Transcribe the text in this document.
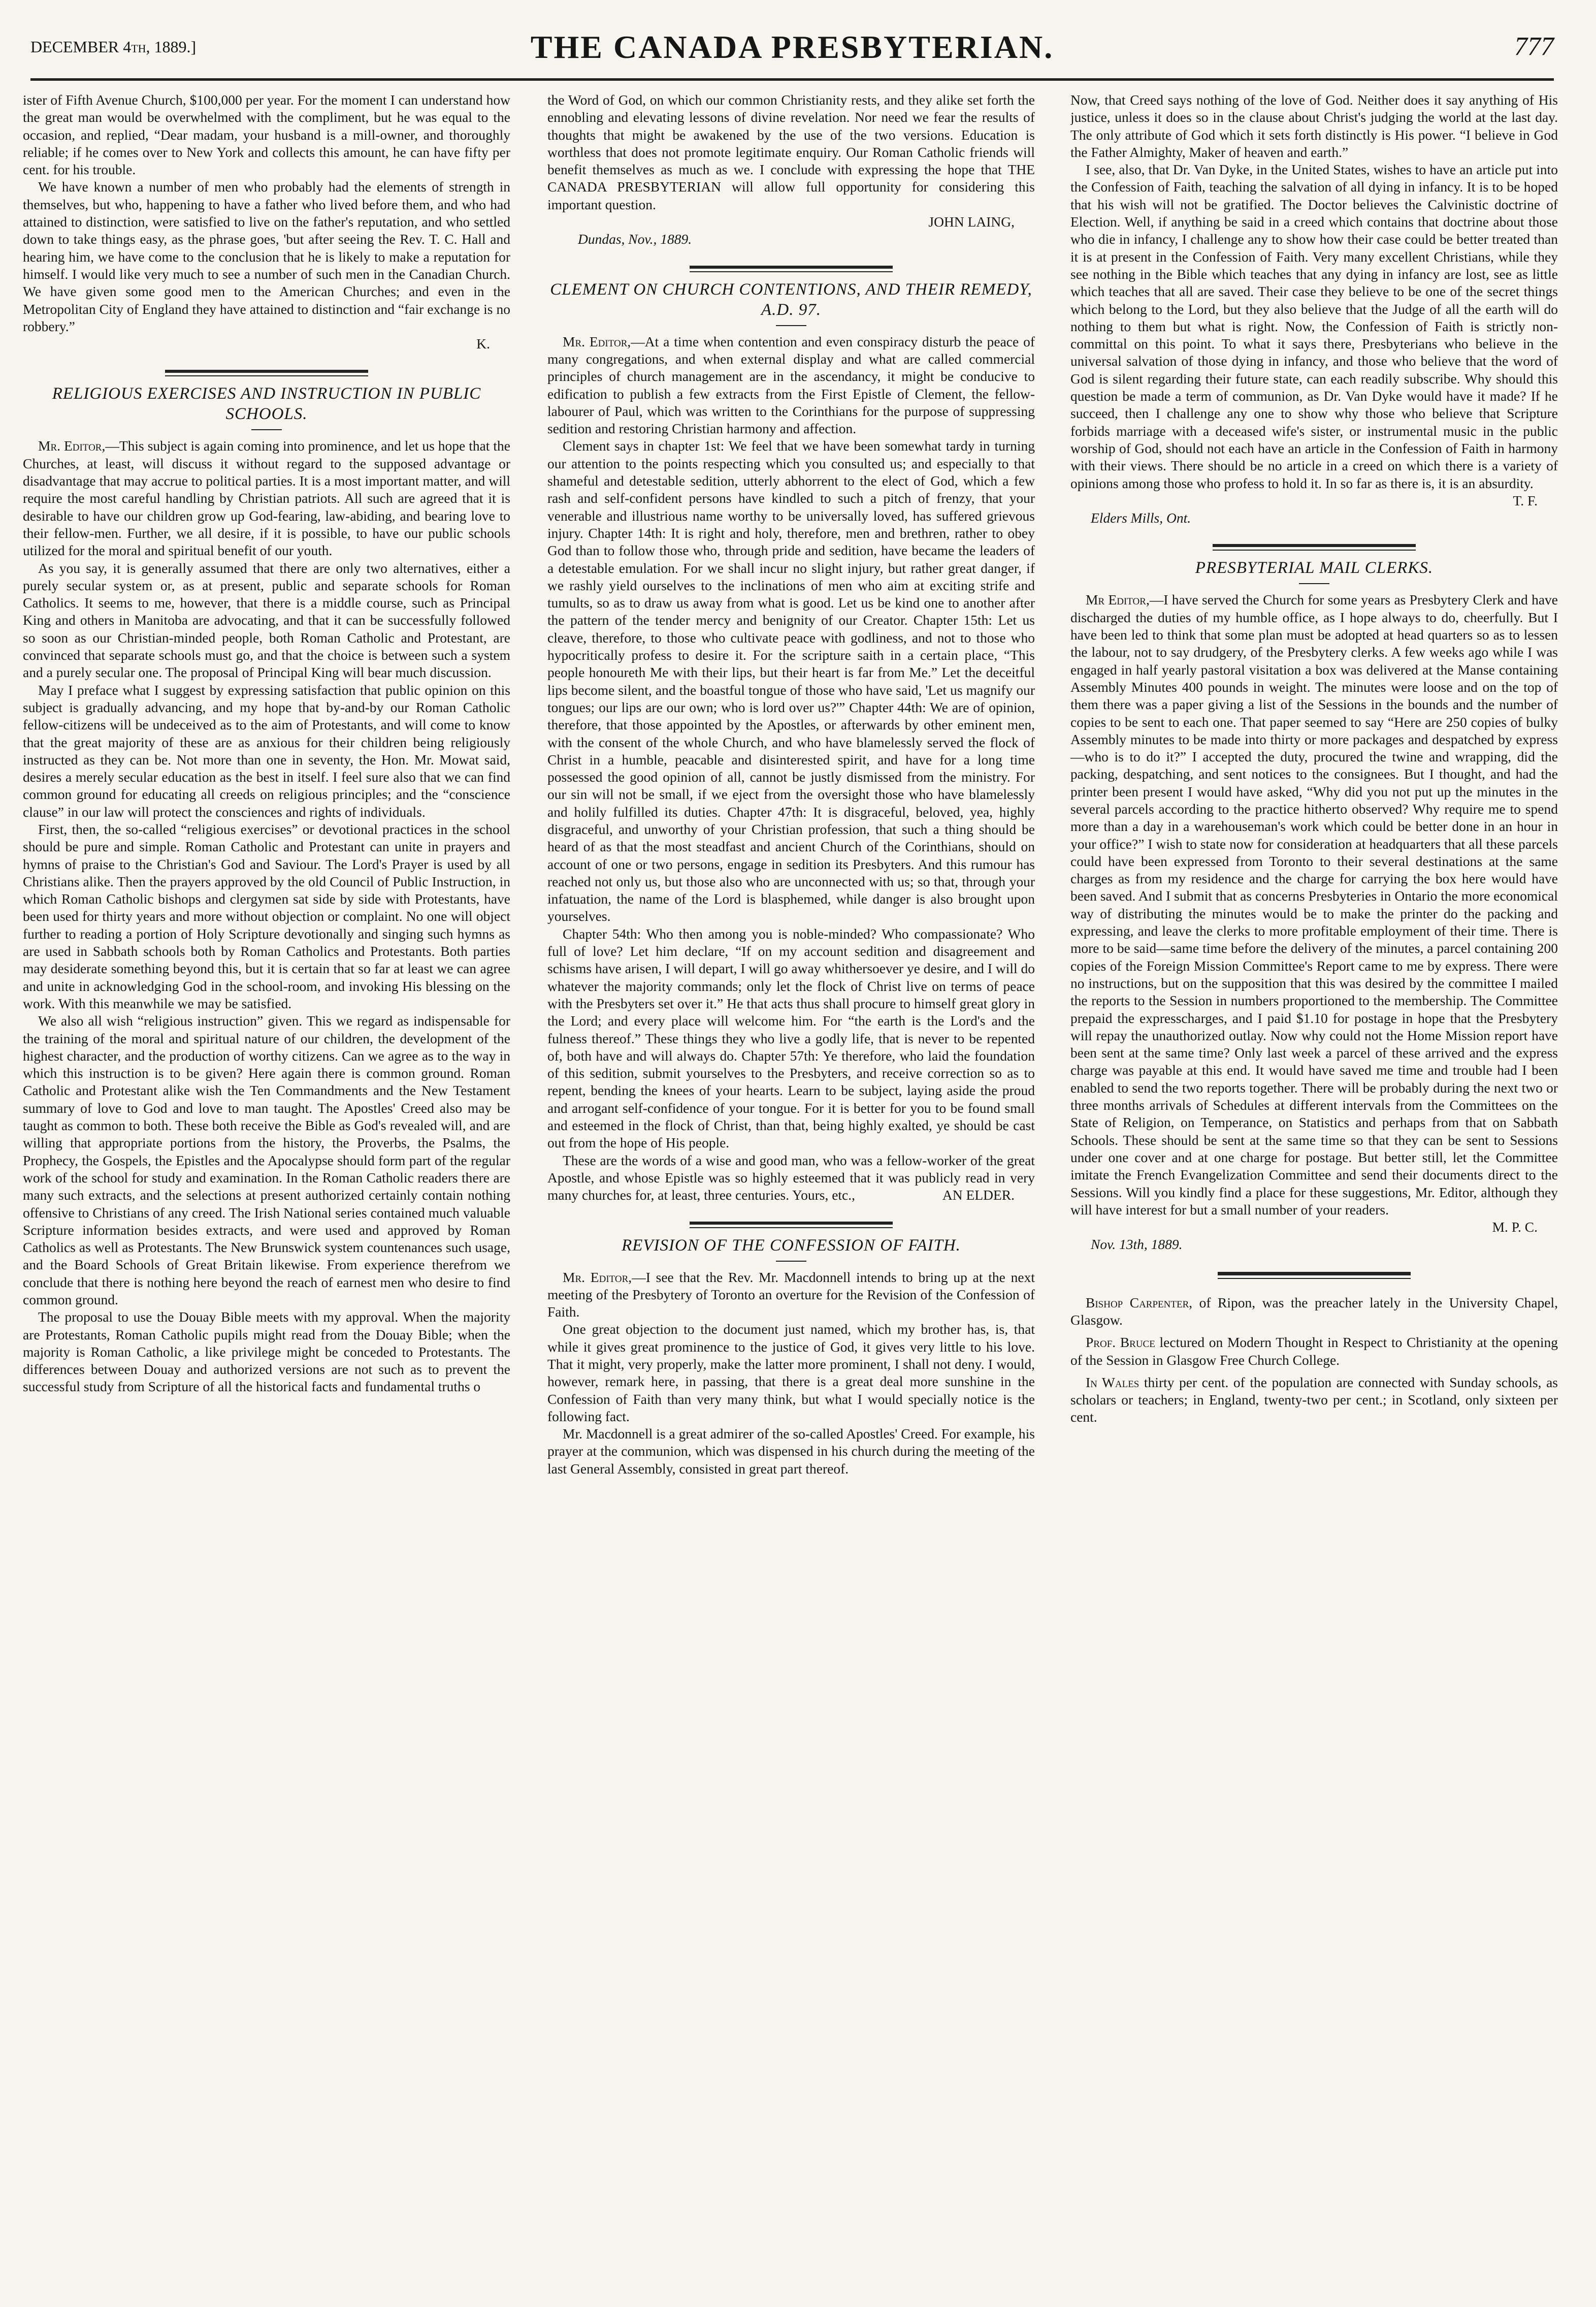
DECEMBER 4th, 1889.]	THE CANADA PRESBYTERIAN.	777

ister of Fifth Avenue Church, $100,000 per year. For the moment I can understand how the great man would be overwhelmed with the compliment, but he was equal to the occasion, and replied, “Dear madam, your husband is a mill-owner, and thoroughly reliable; if he comes over to New York and collects this amount, he can have fifty per cent. for his trouble.

We have known a number of men who probably had the elements of strength in themselves, but who, happening to have a father who lived before them, and who had attained to distinction, were satisfied to live on the father's reputation, and who settled down to take things easy, as the phrase goes, 'but after seeing the Rev. T. C. Hall and hearing him, we have come to the conclusion that he is likely to make a reputation for himself. I would like very much to see a number of such men in the Canadian Church. We have given some good men to the American Churches; and even in the Metropolitan City of England they have attained to distinction and “fair exchange is no robbery.”

K.
RELIGIOUS EXERCISES AND INSTRUCTION IN PUBLIC SCHOOLS.

Mr. Editor,—This subject is again coming into prominence, and let us hope that the Churches, at least, will discuss it without regard to the supposed advantage or disadvantage that may accrue to political parties. It is a most important matter, and will require the most careful handling by Christian patriots. All such are agreed that it is desirable to have our children grow up God-fearing, law-abiding, and bearing love to their fellow-men. Further, we all desire, if it is possible, to have our public schools utilized for the moral and spiritual benefit of our youth.

As you say, it is generally assumed that there are only two alternatives, either a purely secular system or, as at present, public and separate schools for Roman Catholics. It seems to me, however, that there is a middle course, such as Principal King and others in Manitoba are advocating, and that it can be successfully followed so soon as our Christian-minded people, both Roman Catholic and Protestant, are convinced that separate schools must go, and that the choice is between such a system and a purely secular one. The proposal of Principal King will bear much discussion.

May I preface what I suggest by expressing satisfaction that public opinion on this subject is gradually advancing, and my hope that by-and-by our Roman Catholic fellow-citizens will be undeceived as to the aim of Protestants, and will come to know that the great majority of these are as anxious for their children being religiously instructed as they can be. Not more than one in seventy, the Hon. Mr. Mowat said, desires a merely secular education as the best in itself. I feel sure also that we can find common ground for educating all creeds on religious principles; and the “conscience clause” in our law will protect the consciences and rights of individuals.

First, then, the so-called “religious exercises” or devotional practices in the school should be pure and simple. Roman Catholic and Protestant can unite in prayers and hymns of praise to the Christian's God and Saviour. The Lord's Prayer is used by all Christians alike. Then the prayers approved by the old Council of Public Instruction, in which Roman Catholic bishops and clergymen sat side by side with Protestants, have been used for thirty years and more without objection or complaint. No one will object further to reading a portion of Holy Scripture devotionally and singing such hymns as are used in Sabbath schools both by Roman Catholics and Protestants. Both parties may desiderate something beyond this, but it is certain that so far at least we can agree and unite in acknowledging God in the school-room, and invoking His blessing on the work. With this meanwhile we may be satisfied.

We also all wish “religious instruction” given. This we regard as indispensable for the training of the moral and spiritual nature of our children, the development of the highest character, and the production of worthy citizens. Can we agree as to the way in which this instruction is to be given? Here again there is common ground. Roman Catholic and Protestant alike wish the Ten Commandments and the New Testament summary of love to God and love to man taught. The Apostles' Creed also may be taught as common to both. These both receive the Bible as God's revealed will, and are willing that appropriate portions from the history, the Proverbs, the Psalms, the Prophecy, the Gospels, the Epistles and the Apocalypse should form part of the regular work of the school for study and examination. In the Roman Catholic readers there are many such extracts, and the selections at present authorized certainly contain nothing offensive to Christians of any creed. The Irish National series contained much valuable Scripture information besides extracts, and were used and approved by Roman Catholics as well as Protestants. The New Brunswick system countenances such usage, and the Board Schools of Great Britain likewise. From experience therefrom we conclude that there is nothing here beyond the reach of earnest men who desire to find common ground.

The proposal to use the Douay Bible meets with my approval. When the majority are Protestants, Roman Catholic pupils might read from the Douay Bible; when the majority is Roman Catholic, a like privilege might be conceded to Protestants. The differences between Douay and authorized versions are not such as to prevent the successful study from Scripture of all the historical facts and fundamental truths o

the Word of God, on which our common Christianity rests, and they alike set forth the ennobling and elevating lessons of divine revelation. Nor need we fear the results of thoughts that might be awakened by the use of the two versions. Education is worthless that does not promote legitimate enquiry. Our Roman Catholic friends will benefit themselves as much as we. I conclude with expressing the hope that THE CANADA PRESBYTERIAN will allow full opportunity for considering this important question.

JOHN LAING,
Dundas, Nov., 1889.
CLEMENT ON CHURCH CONTENTIONS, AND THEIR REMEDY, A.D. 97.

Mr. Editor,—At a time when contention and even conspiracy disturb the peace of many congregations, and when external display and what are called commercial principles of church management are in the ascendancy, it might be conducive to edification to publish a few extracts from the First Epistle of Clement, the fellow-labourer of Paul, which was written to the Corinthians for the purpose of suppressing sedition and restoring Christian harmony and affection.

Clement says in chapter 1st: We feel that we have been somewhat tardy in turning our attention to the points respecting which you consulted us; and especially to that shameful and detestable sedition, utterly abhorrent to the elect of God, which a few rash and self-confident persons have kindled to such a pitch of frenzy, that your venerable and illustrious name worthy to be universally loved, has suffered grievous injury. Chapter 14th: It is right and holy, therefore, men and brethren, rather to obey God than to follow those who, through pride and sedition, have became the leaders of a detestable emulation. For we shall incur no slight injury, but rather great danger, if we rashly yield ourselves to the inclinations of men who aim at exciting strife and tumults, so as to draw us away from what is good. Let us be kind one to another after the pattern of the tender mercy and benignity of our Creator. Chapter 15th: Let us cleave, therefore, to those who cultivate peace with godliness, and not to those who hypocritically profess to desire it. For the scripture saith in a certain place, “This people honoureth Me with their lips, but their heart is far from Me.” Let the deceitful lips become silent, and the boastful tongue of those who have said, 'Let us magnify our tongues; our lips are our own; who is lord over us?'” Chapter 44th: We are of opinion, therefore, that those appointed by the Apostles, or afterwards by other eminent men, with the consent of the whole Church, and who have blamelessly served the flock of Christ in a humble, peacable and disinterested spirit, and have for a long time possessed the good opinion of all, cannot be justly dismissed from the ministry. For our sin will not be small, if we eject from the oversight those who have blamelessly and holily fulfilled its duties. Chapter 47th: It is disgraceful, beloved, yea, highly disgraceful, and unworthy of your Christian profession, that such a thing should be heard of as that the most steadfast and ancient Church of the Corinthians, should on account of one or two persons, engage in sedition its Presbyters. And this rumour has reached not only us, but those also who are unconnected with us; so that, through your infatuation, the name of the Lord is blasphemed, while danger is also brought upon yourselves.

Chapter 54th: Who then among you is noble-minded? Who compassionate? Who full of love? Let him declare, “If on my account sedition and disagreement and schisms have arisen, I will depart, I will go away whithersoever ye desire, and I will do whatever the majority commands; only let the flock of Christ live on terms of peace with the Presbyters set over it.” He that acts thus shall procure to himself great glory in the Lord; and every place will welcome him. For “the earth is the Lord's and the fulness thereof.” These things they who live a godly life, that is never to be repented of, both have and will always do. Chapter 57th: Ye therefore, who laid the foundation of this sedition, submit yourselves to the Presbyters, and receive correction so as to repent, bending the knees of your hearts. Learn to be subject, laying aside the proud and arrogant self-confidence of your tongue. For it is better for you to be found small and esteemed in the flock of Christ, than that, being highly exalted, ye should be cast out from the hope of His people.

These are the words of a wise and good man, who was a fellow-worker of the great Apostle, and whose Epistle was so highly esteemed that it was publicly read in very many churches for, at least, three centuries. Yours, etc.,	AN ELDER.

REVISION OF THE CONFESSION OF FAITH.

Mr. Editor,—I see that the Rev. Mr. Macdonnell intends to bring up at the next meeting of the Presbytery of Toronto an overture for the Revision of the Confession of Faith.

One great objection to the document just named, which my brother has, is, that while it gives great prominence to the justice of God, it gives very little to his love. That it might, very properly, make the latter more prominent, I shall not deny. I would, however, remark here, in passing, that there is a great deal more sunshine in the Confession of Faith than very many think, but what I would specially notice is the following fact.

Mr. Macdonnell is a great admirer of the so-called Apostles' Creed. For example, his prayer at the communion, which was dispensed in his church during the meeting of the last General Assembly, consisted in great part thereof.

Now, that Creed says nothing of the love of God. Neither does it say anything of His justice, unless it does so in the clause about Christ's judging the world at the last day. The only attribute of God which it sets forth distinctly is His power. “I believe in God the Father Almighty, Maker of heaven and earth.”

I see, also, that Dr. Van Dyke, in the United States, wishes to have an article put into the Confession of Faith, teaching the salvation of all dying in infancy. It is to be hoped that his wish will not be gratified. The Doctor believes the Calvinistic doctrine of Election. Well, if anything be said in a creed which contains that doctrine about those who die in infancy, I challenge any to show how their case could be better treated than it is at present in the Confession of Faith. Very many excellent Christians, while they see nothing in the Bible which teaches that any dying in infancy are lost, see as little which teaches that all are saved. Their case they believe to be one of the secret things which belong to the Lord, but they also believe that the Judge of all the earth will do nothing to them but what is right. Now, the Confession of Faith is strictly non-committal on this point. To what it says there, Presbyterians who believe in the universal salvation of those dying in infancy, and those who believe that the word of God is silent regarding their future state, can each readily subscribe. Why should this question be made a term of communion, as Dr. Van Dyke would have it made? If he succeed, then I challenge any one to show why those who believe that Scripture forbids marriage with a deceased wife's sister, or instrumental music in the public worship of God, should not each have an article in the Confession of Faith in harmony with their views. There should be no article in a creed on which there is a variety of opinions among those who profess to hold it. In so far as there is, it is an absurdity.

T. F.
Elders Mills, Ont.
PRESBYTERIAL MAIL CLERKS.

Mr Editor,—I have served the Church for some years as Presbytery Clerk and have discharged the duties of my humble office, as I hope always to do, cheerfully. But I have been led to think that some plan must be adopted at head quarters so as to lessen the labour, not to say drudgery, of the Presbytery clerks. A few weeks ago while I was engaged in half yearly pastoral visitation a box was delivered at the Manse containing Assembly Minutes 400 pounds in weight. The minutes were loose and on the top of them there was a paper giving a list of the Sessions in the bounds and the number of copies to be sent to each one. That paper seemed to say “Here are 250 copies of bulky Assembly minutes to be made into thirty or more packages and despatched by express—who is to do it?” I accepted the duty, procured the twine and wrapping, did the packing, despatching, and sent notices to the consignees. But I thought, and had the printer been present I would have asked, “Why did you not put up the minutes in the several parcels according to the practice hitherto observed? Why require me to spend more than a day in a warehouseman's work which could be better done in an hour in your office?” I wish to state now for consideration at headquarters that all these parcels could have been expressed from Toronto to their several destinations at the same charges as from my residence and the charge for carrying the box here would have been saved. And I submit that as concerns Presbyteries in Ontario the more economical way of distributing the minutes would be to make the printer do the packing and expressing, and leave the clerks to more profitable employment of their time. There is more to be said—same time before the delivery of the minutes, a parcel containing 200 copies of the Foreign Mission Committee's Report came to me by express. There were no instructions, but on the supposition that this was desired by the committee I mailed the reports to the Session in numbers proportioned to the membership. The Committee prepaid the expresscharges, and I paid $1.10 for postage in hope that the Presbytery will repay the unauthorized outlay. Now why could not the Home Mission report have been sent at the same time? Only last week a parcel of these arrived and the express charge was payable at this end. It would have saved me time and trouble had I been enabled to send the two reports together. There will be probably during the next two or three months arrivals of Schedules at different intervals from the Committees on the State of Religion, on Temperance, on Statistics and perhaps from that on Sabbath Schools. These should be sent at the same time so that they can be sent to Sessions under one cover and at one charge for postage. But better still, let the Committee imitate the French Evangelization Committee and send their documents direct to the Sessions. Will you kindly find a place for these suggestions, Mr. Editor, although they will have interest for but a small number of your readers.

M. P. C.
Nov. 13th, 1889.

Bishop Carpenter, of Ripon, was the preacher lately in the University Chapel, Glasgow.

Prof. Bruce lectured on Modern Thought in Respect to Christianity at the opening of the Session in Glasgow Free Church College.

In Wales thirty per cent. of the population are connected with Sunday schools, as scholars or teachers; in England, twenty-two per cent.; in Scotland, only sixteen per cent.
